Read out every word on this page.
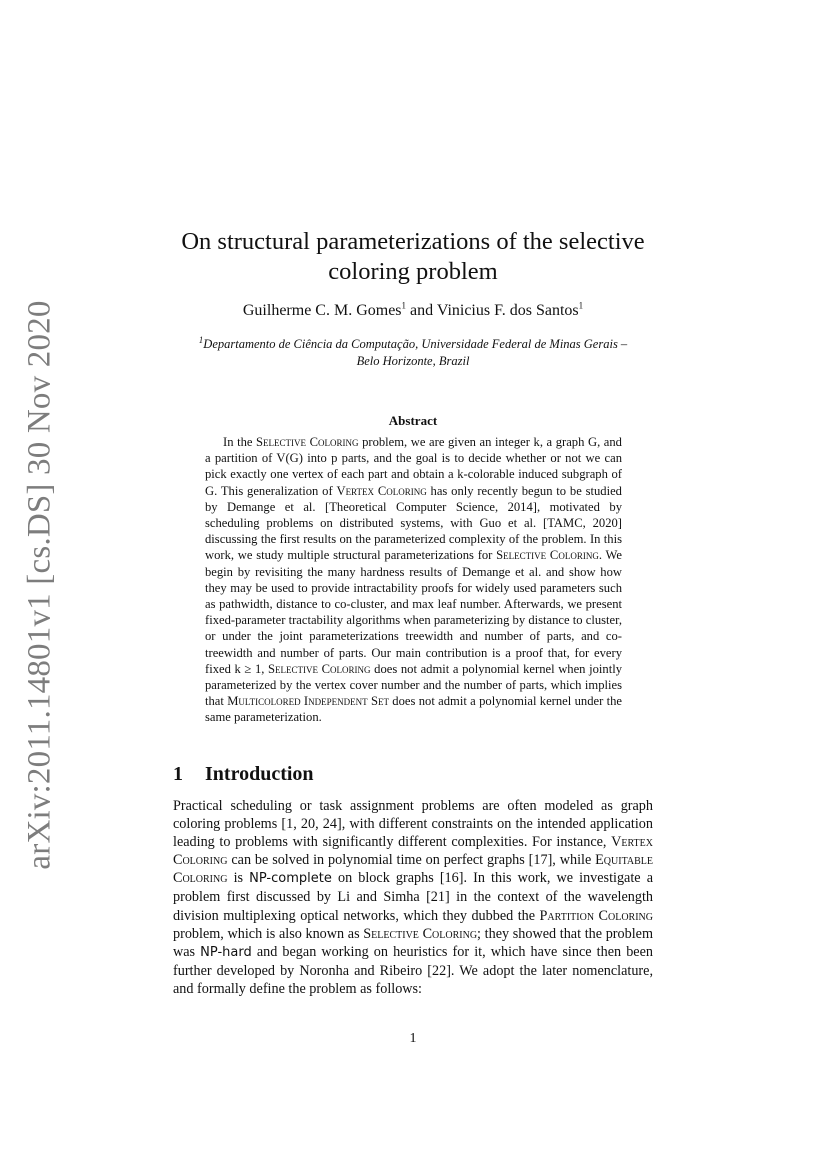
arXiv:2011.14801v1 [cs.DS] 30 Nov 2020
On structural parameterizations of the selective
coloring problem
Guilherme C. M. Gomes$^1$ and Vinicius F. dos Santos$^1$
$^1$Departamento de Ciência da Computação, Universidade Federal de Minas Gerais –
Belo Horizonte, Brazil
Abstract

In the Selective Coloring problem, we are given an integer k, a graph G, and a partition of V(G) into p parts, and the goal is to decide whether or not we can pick exactly one vertex of each part and obtain a k-colorable induced subgraph of G. This generalization of Vertex Coloring has only recently begun to be studied by Demange et al. [Theoretical Computer Science, 2014], motivated by scheduling problems on distributed systems, with Guo et al. [TAMC, 2020] discussing the first results on the parameterized complexity of the problem. In this work, we study multiple structural parameterizations for Selective Coloring. We begin by revisiting the many hardness results of Demange et al. and show how they may be used to provide intractability proofs for widely used parameters such as pathwidth, distance to co-cluster, and max leaf number. Afterwards, we present fixed-parameter tractability algorithms when parameterizing by distance to cluster, or under the joint parameterizations treewidth and number of parts, and co-treewidth and number of parts. Our main contribution is a proof that, for every fixed k ≥ 1, Selective Coloring does not admit a polynomial kernel when jointly parameterized by the vertex cover number and the number of parts, which implies that Multicolored Independent Set does not admit a polynomial kernel under the same parameterization.

1 Introduction

Practical scheduling or task assignment problems are often modeled as graph coloring problems [1, 20, 24], with different constraints on the intended application leading to problems with significantly different complexities. For instance, Vertex Coloring can be solved in polynomial time on perfect graphs [17], while Equitable Coloring is NP-complete on block graphs [16]. In this work, we investigate a problem first discussed by Li and Simha [21] in the context of the wavelength division multiplexing optical networks, which they dubbed the Partition Coloring problem, which is also known as Selective Coloring; they showed that the problem was NP-hard and began working on heuristics for it, which have since then been further developed by Noronha and Ribeiro [22]. We adopt the later nomenclature, and formally define the problem as follows:

1
